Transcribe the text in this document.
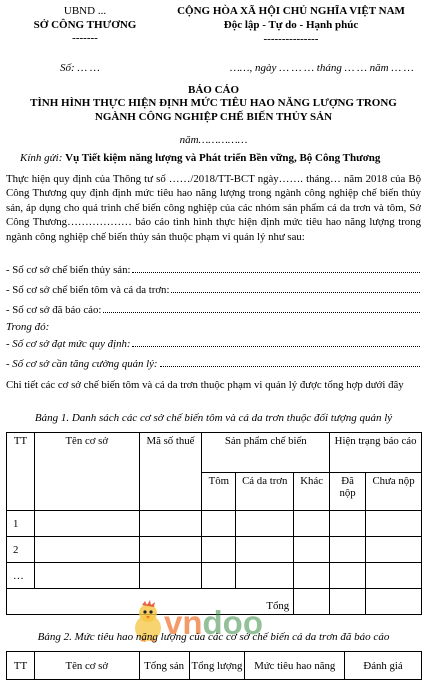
UBND ...
SỞ CÔNG THƯƠNG
-------
CỘNG HÒA XÃ HỘI CHỦ NGHĨA VIỆT NAM
Độc lập - Tự do - Hạnh phúc
---------------
Số: … …	……, ngày … … … tháng … … năm … …
BÁO CÁO
TÌNH HÌNH THỰC HIỆN ĐỊNH MỨC TIÊU HAO NĂNG LƯỢNG TRONG
NGÀNH CÔNG NGHIỆP CHẾ BIẾN THỦY SẢN
năm……………
Kính gửi: Vụ Tiết kiệm năng lượng và Phát triển Bền vững, Bộ Công Thương
Thực hiện quy định của Thông tư số ……/2018/TT-BCT ngày……. tháng… năm 2018 của Bộ Công Thương quy định định mức tiêu hao năng lượng trong ngành công nghiệp chế biến thủy sản, áp dụng cho quá trình chế biến công nghiệp của các nhóm sản phẩm cá da trơn và tôm, Sở Công Thương……………… báo cáo tình hình thực hiện định mức tiêu hao năng lượng trong ngành công nghiệp chế biến thủy sản thuộc phạm vi quản lý như sau:
- Số cơ sở chế biến thủy sản:
- Số cơ sở chế biến tôm và cá da trơn:
- Số cơ sở đã báo cáo:
Trong đó:
- Số cơ sở đạt mức quy định:
- Số cơ sở cần tăng cường quản lý:
Chi tiết các cơ sở chế biến tôm và cá da trơn thuộc phạm vi quản lý được tổng hợp dưới đây
Bảng 1. Danh sách các cơ sở chế biến tôm và cá da trơn thuộc đối tượng quản lý
TT	Tên cơ sở	Mã số thuế	Sản phẩm chế biến			Hiện trạng báo cáo	
			Tôm	Cá da trơn	Khác	Đã nộp	Chưa nộp
1							
2							
…							
Tổng							
vndoo
Bảng 2. Mức tiêu hao năng lượng của các cơ sở chế biến cá da trơn đã báo cáo
TT	Tên cơ sở	Tổng sản	Tổng lượng	Mức tiêu hao năng	Đánh giá
